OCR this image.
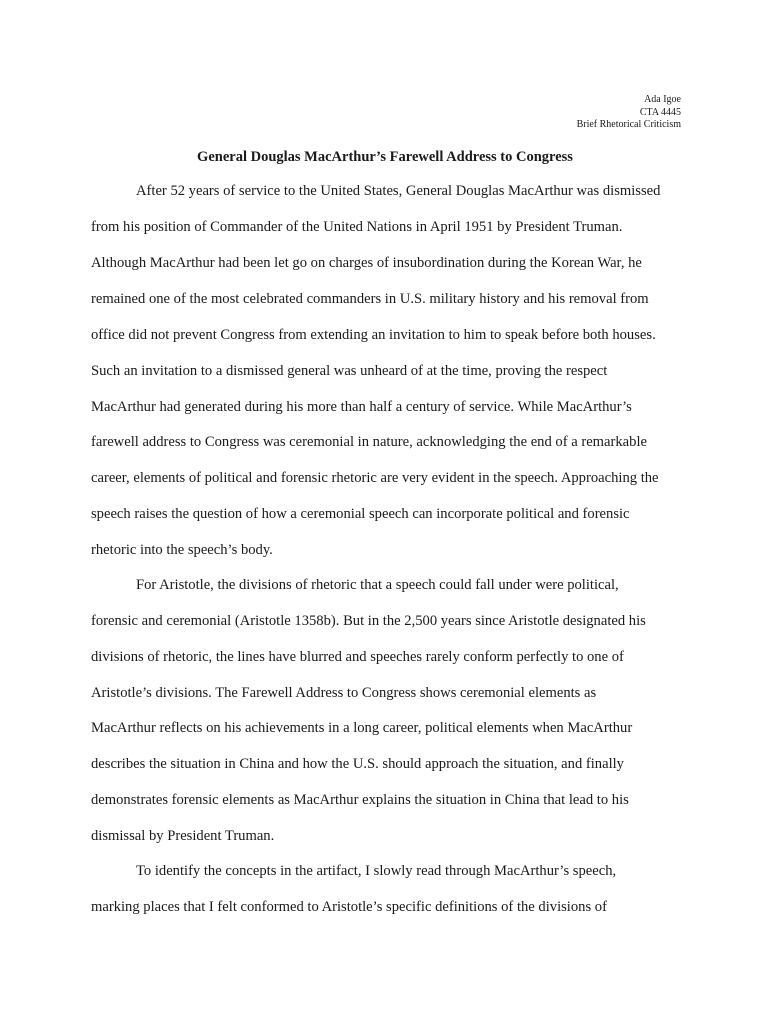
Ada Igoe
CTA 4445
Brief Rhetorical Criticism
General Douglas MacArthur’s Farewell Address to Congress
After 52 years of service to the United States, General Douglas MacArthur was dismissed
from his position of Commander of the United Nations in April 1951 by President Truman.
Although MacArthur had been let go on charges of insubordination during the Korean War, he
remained one of the most celebrated commanders in U.S. military history and his removal from
office did not prevent Congress from extending an invitation to him to speak before both houses.
Such an invitation to a dismissed general was unheard of at the time, proving the respect
MacArthur had generated during his more than half a century of service. While MacArthur’s
farewell address to Congress was ceremonial in nature, acknowledging the end of a remarkable
career, elements of political and forensic rhetoric are very evident in the speech. Approaching the
speech raises the question of how a ceremonial speech can incorporate political and forensic
rhetoric into the speech’s body.
For Aristotle, the divisions of rhetoric that a speech could fall under were political,
forensic and ceremonial (Aristotle 1358b). But in the 2,500 years since Aristotle designated his
divisions of rhetoric, the lines have blurred and speeches rarely conform perfectly to one of
Aristotle’s divisions. The Farewell Address to Congress shows ceremonial elements as
MacArthur reflects on his achievements in a long career, political elements when MacArthur
describes the situation in China and how the U.S. should approach the situation, and finally
demonstrates forensic elements as MacArthur explains the situation in China that lead to his
dismissal by President Truman.
To identify the concepts in the artifact, I slowly read through MacArthur’s speech,
marking places that I felt conformed to Aristotle’s specific definitions of the divisions of
